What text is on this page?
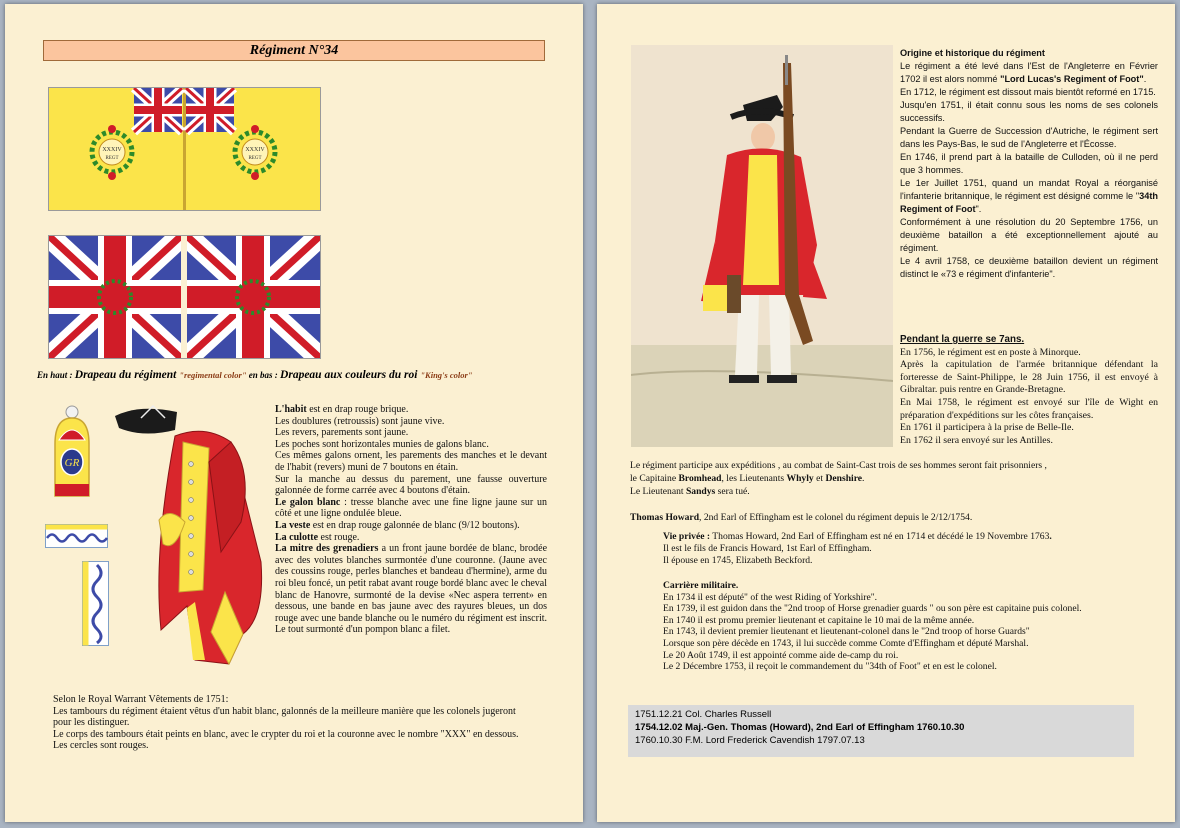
Régiment N°34
XXXIV
REGT
XXXIV
REGT
En haut : Drapeau du régiment "regimental color" en bas : Drapeau aux couleurs du roi "King's color"
GR
L'habit est en drap rouge brique.
Les doublures (retroussis) sont jaune vive.
Les revers, parements sont jaune.
Les poches sont horizontales munies de galons blanc.
Ces mêmes galons ornent, les parements des manches et le devant de l'habit (revers) muni de 7 boutons en étain.
Sur la manche au dessus du parement, une fausse ouverture galonnée de forme carrée avec 4 boutons d'étain.
Le galon blanc : tresse blanche avec une fine ligne jaune sur un côté et une ligne ondulée bleue.
La veste est en drap rouge galonnée de blanc (9/12 boutons).
La culotte est rouge.
La mitre des grenadiers a un front jaune bordée de blanc, brodée avec des volutes blanches surmontée d'une couronne. (Jaune avec des coussins rouge, perles blanches et bandeau d'hermine), arme du roi bleu foncé, un petit rabat avant rouge bordé blanc avec le cheval blanc de Hanovre, surmonté de la devise «Nec aspera terrent» en dessous, une bande en bas jaune avec des rayures bleues, un dos rouge avec une bande blanche ou le numéro du régiment est inscrit. Le tout surmonté d'un pompon blanc a filet.
Selon le Royal Warrant Vêtements de 1751:
Les tambours du régiment étaient vêtus d'un habit blanc, galonnés de la meilleure manière que les colonels jugeront pour les distinguer.
Le corps des tambours était peints en blanc, avec le crypter du roi et la couronne avec le nombre "XXX" en dessous. Les cercles sont rouges.
Origine et historique du régiment
Le régiment a été levé dans l'Est de l'Angleterre en Février 1702 il est alors nommé "Lord Lucas's Regiment of Foot".
En 1712, le régiment est dissout mais bientôt reformé en 1715.
Jusqu'en 1751, il était connu sous les noms de ses colonels successifs.
Pendant la Guerre de Succession d'Autriche, le régiment sert dans les Pays-Bas, le sud de l'Angleterre et l'Écosse.
En 1746, il prend part à la bataille de Culloden, où il ne perd que 3 hommes.
Le 1er Juillet 1751, quand un mandat Royal a réorganisé l'infanterie britannique, le régiment est désigné comme le "34th Regiment of Foot".
Conformément à une résolution du 20 Septembre 1756, un deuxième bataillon a été exceptionnellement ajouté au régiment.
Le 4 avril 1758, ce deuxième bataillon devient un régiment distinct le «73 e régiment d'infanterie".
Pendant la guerre se 7ans.
En 1756, le régiment est en poste à Minorque.
Après la capitulation de l'armée britannique défendant la forteresse de Saint-Philippe, le 28 Juin 1756, il est envoyé à Gibraltar. puis rentre en Grande-Bretagne.
En Mai 1758, le régiment est envoyé sur l'île de Wight en préparation d'expéditions sur les côtes françaises.
En 1761 il participera à la prise de Belle-Ile.
En 1762 il sera envoyé sur les Antilles.
Le régiment participe aux expéditions , au combat de Saint-Cast trois de ses hommes seront fait prisonniers ,
le Capitaine Bromhead, les Lieutenants Whyly et Denshire.
Le Lieutenant Sandys sera tué.
Thomas Howard, 2nd Earl of Effingham est le colonel du régiment depuis le 2/12/1754.
Vie privée : Thomas Howard, 2nd Earl of Effingham est né en 1714 et décédé le 19 Novembre 1763.
Il est le fils de Francis Howard, 1st Earl of Effingham.
Il épouse en 1745, Elizabeth Beckford.
Carrière militaire.
En 1734 il est député" of the west Riding of Yorkshire".
En 1739, il est guidon dans the "2nd troop of Horse grenadier guards " ou son père est capitaine puis colonel.
En 1740 il est promu premier lieutenant et capitaine le 10 mai de la même année.
En 1743, il devient premier lieutenant et lieutenant-colonel dans le "2nd troop of horse Guards"
Lorsque son père décède en 1743, il lui succède comme Comte d'Effingham et député Marshal.
Le 20 Août 1749, il est appointé comme aide de-camp du roi.
Le 2 Décembre 1753, il reçoit le commandement du "34th of Foot" et en est le colonel.
1751.12.21 Col. Charles Russell
1754.12.02 Maj.-Gen. Thomas (Howard), 2nd Earl of Effingham 1760.10.30
1760.10.30 F.M. Lord Frederick Cavendish 1797.07.13
